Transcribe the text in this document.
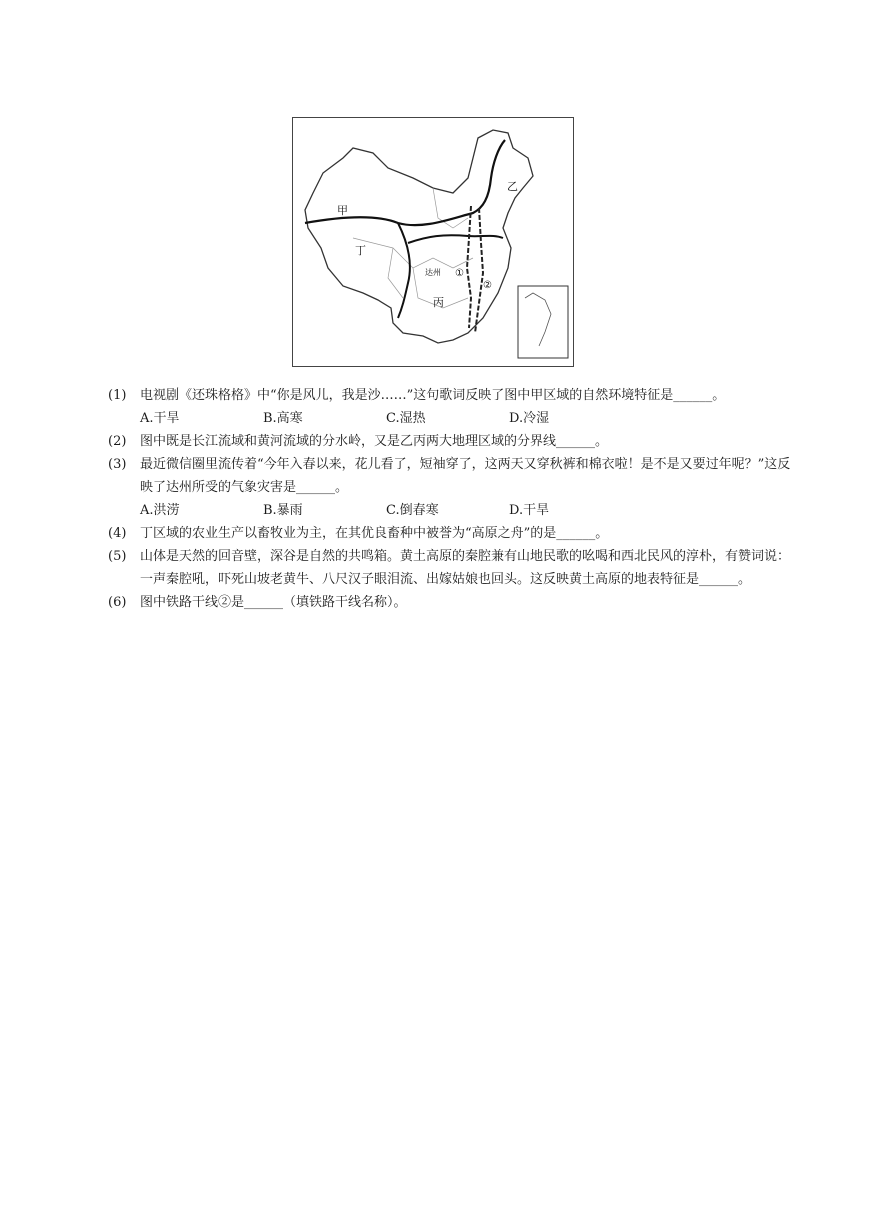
甲
乙
丙
丁
达州 ①
②
(1) 电视剧《还珠格格》中“你是风儿，我是沙……”这句歌词反映了图中甲区域的自然环境特征是______。
A.干旱	B.高寒	C.湿热	D.冷湿
(2) 图中既是长江流域和黄河流域的分水岭，又是乙丙两大地理区域的分界线______。
(3) 最近微信圈里流传着“今年入春以来，花儿看了，短袖穿了，这两天又穿秋裤和棉衣啦！是不是又要过年呢？”这反映了达州所受的气象灾害是______。
A.洪涝	B.暴雨	C.倒春寒	D.干旱
(4) 丁区域的农业生产以畜牧业为主，在其优良畜种中被誉为“高原之舟”的是______。
(5) 山体是天然的回音壁，深谷是自然的共鸣箱。黄土高原的秦腔兼有山地民歌的吆喝和西北民风的淳朴，有赞词说：一声秦腔吼，吓死山坡老黄牛、八尺汉子眼泪流、出嫁姑娘也回头。这反映黄土高原的地表特征是______。
(6) 图中铁路干线②是______（填铁路干线名称）。
